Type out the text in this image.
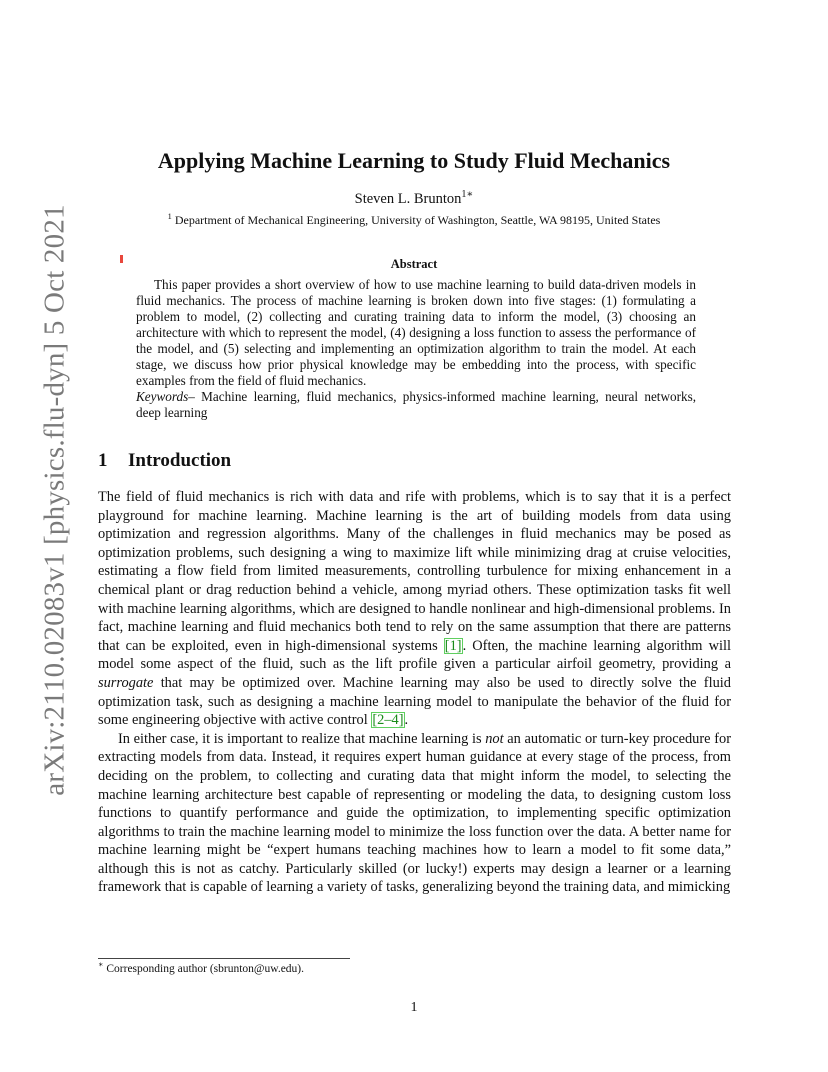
arXiv:2110.02083v1 [physics.flu-dyn] 5 Oct 2021
Applying Machine Learning to Study Fluid Mechanics
Steven L. Brunton$^{1∗}$
$^1$ Department of Mechanical Engineering, University of Washington, Seattle, WA 98195, United States
Abstract

This paper provides a short overview of how to use machine learning to build data-driven models in fluid mechanics. The process of machine learning is broken down into five stages: (1) formulating a problem to model, (2) collecting and curating training data to inform the model, (3) choosing an architecture with which to represent the model, (4) designing a loss function to assess the performance of the model, and (5) selecting and implementing an optimization algorithm to train the model. At each stage, we discuss how prior physical knowledge may be embedding into the process, with specific examples from the field of fluid mechanics.

Keywords– Machine learning, fluid mechanics, physics-informed machine learning, neural networks, deep learning

1 Introduction

The field of fluid mechanics is rich with data and rife with problems, which is to say that it is a perfect playground for machine learning. Machine learning is the art of building models from data using optimization and regression algorithms. Many of the challenges in fluid mechanics may be posed as optimization problems, such designing a wing to maximize lift while minimizing drag at cruise velocities, estimating a flow field from limited measurements, controlling turbulence for mixing enhancement in a chemical plant or drag reduction behind a vehicle, among myriad others. These optimization tasks fit well with machine learning algorithms, which are designed to handle nonlinear and high-dimensional problems. In fact, machine learning and fluid mechanics both tend to rely on the same assumption that there are patterns that can be exploited, even in high-dimensional systems [1]. Often, the machine learning algorithm will model some aspect of the fluid, such as the lift profile given a particular airfoil geometry, providing a surrogate that may be optimized over. Machine learning may also be used to directly solve the fluid optimization task, such as designing a machine learning model to manipulate the behavior of the fluid for some engineering objective with active control [2–4].

In either case, it is important to realize that machine learning is not an automatic or turn-key procedure for extracting models from data. Instead, it requires expert human guidance at every stage of the process, from deciding on the problem, to collecting and curating data that might inform the model, to selecting the machine learning architecture best capable of representing or modeling the data, to designing custom loss functions to quantify performance and guide the optimization, to implementing specific optimization algorithms to train the machine learning model to minimize the loss function over the data. A better name for machine learning might be “expert humans teaching machines how to learn a model to fit some data,” although this is not as catchy. Particularly skilled (or lucky!) experts may design a learner or a learning framework that is capable of learning a variety of tasks, generalizing beyond the training data, and mimicking

∗ Corresponding author (sbrunton@uw.edu).
1
